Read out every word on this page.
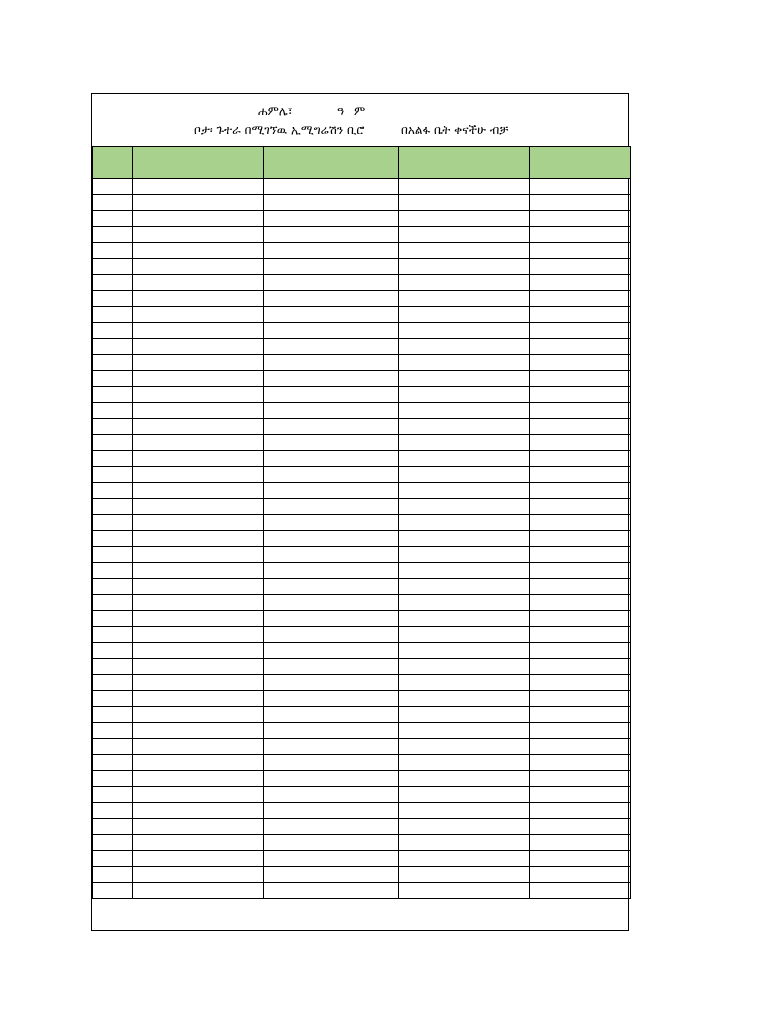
ሐምሌ፣	ዓ ም
ቦታ፡ ጉተራ በሚገኘዉ ኢሚግሬሽን ቢሮ	በአልፋ ቤት ቀናችሁ ብቻ
